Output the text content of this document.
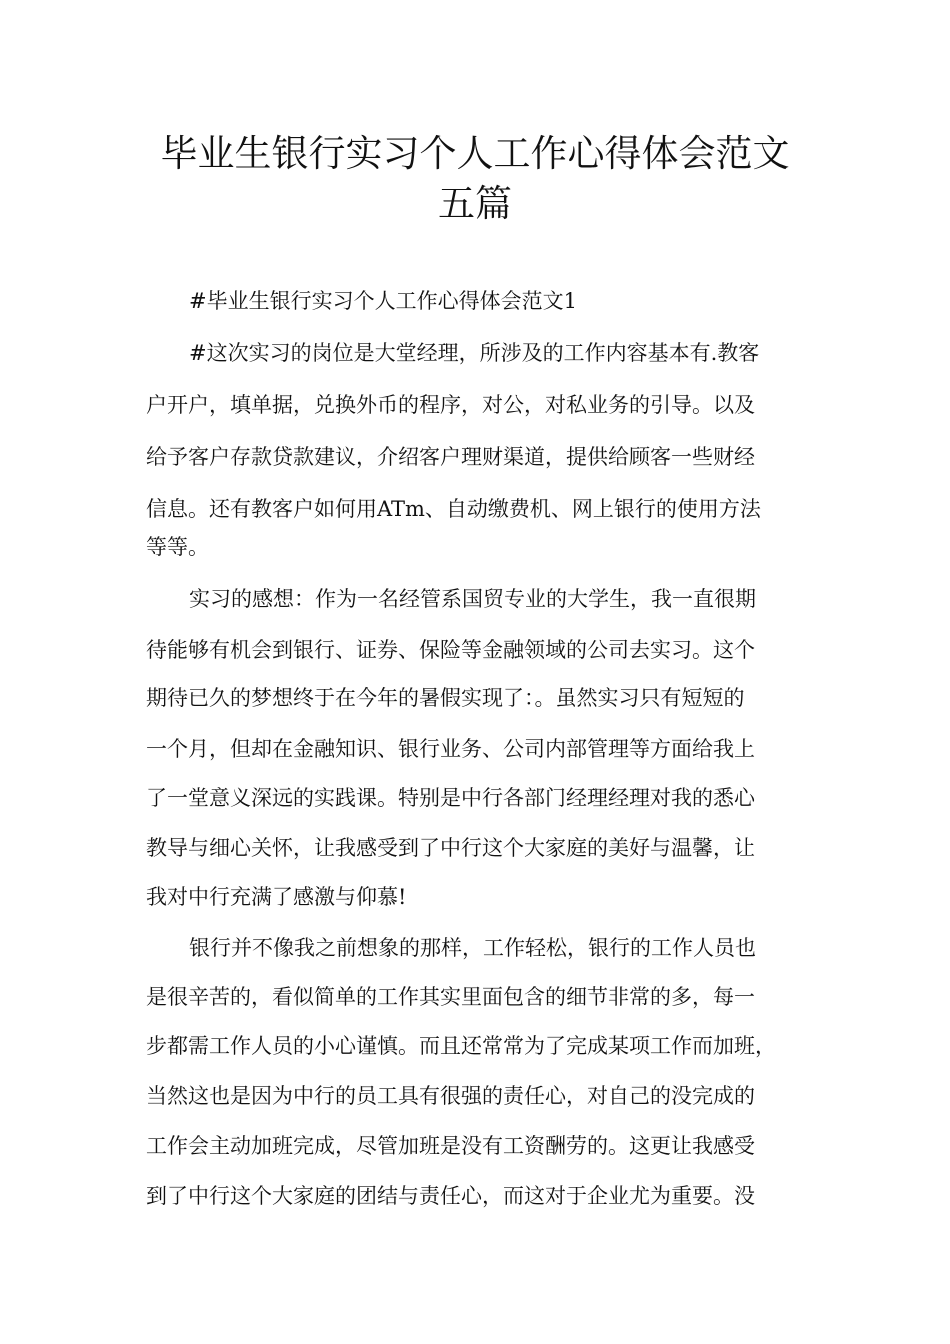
毕业生银行实习个人工作心得体会范文
五篇
#毕业生银行实习个人工作心得体会范文1
#这次实习的岗位是大堂经理，所涉及的工作内容基本有.教客
户开户，填单据，兑换外币的程序，对公，对私业务的引导。以及
给予客户存款贷款建议，介绍客户理财渠道，提供给顾客一些财经
信息。还有教客户如何用ATm、自动缴费机、网上银行的使用方法
等等。
实习的感想：作为一名经管系国贸专业的大学生，我一直很期
待能够有机会到银行、证券、保险等金融领域的公司去实习。这个
期待已久的梦想终于在今年的暑假实现了：。虽然实习只有短短的
一个月，但却在金融知识、银行业务、公司内部管理等方面给我上
了一堂意义深远的实践课。特别是中行各部门经理经理对我的悉心
教导与细心关怀，让我感受到了中行这个大家庭的美好与温馨，让
我对中行充满了感激与仰慕!
银行并不像我之前想象的那样，工作轻松，银行的工作人员也
是很辛苦的，看似简单的工作其实里面包含的细节非常的多，每一
步都需工作人员的小心谨慎。而且还常常为了完成某项工作而加班，
当然这也是因为中行的员工具有很强的责任心，对自己的没完成的
工作会主动加班完成，尽管加班是没有工资酬劳的。这更让我感受
到了中行这个大家庭的团结与责任心，而这对于企业尤为重要。没
